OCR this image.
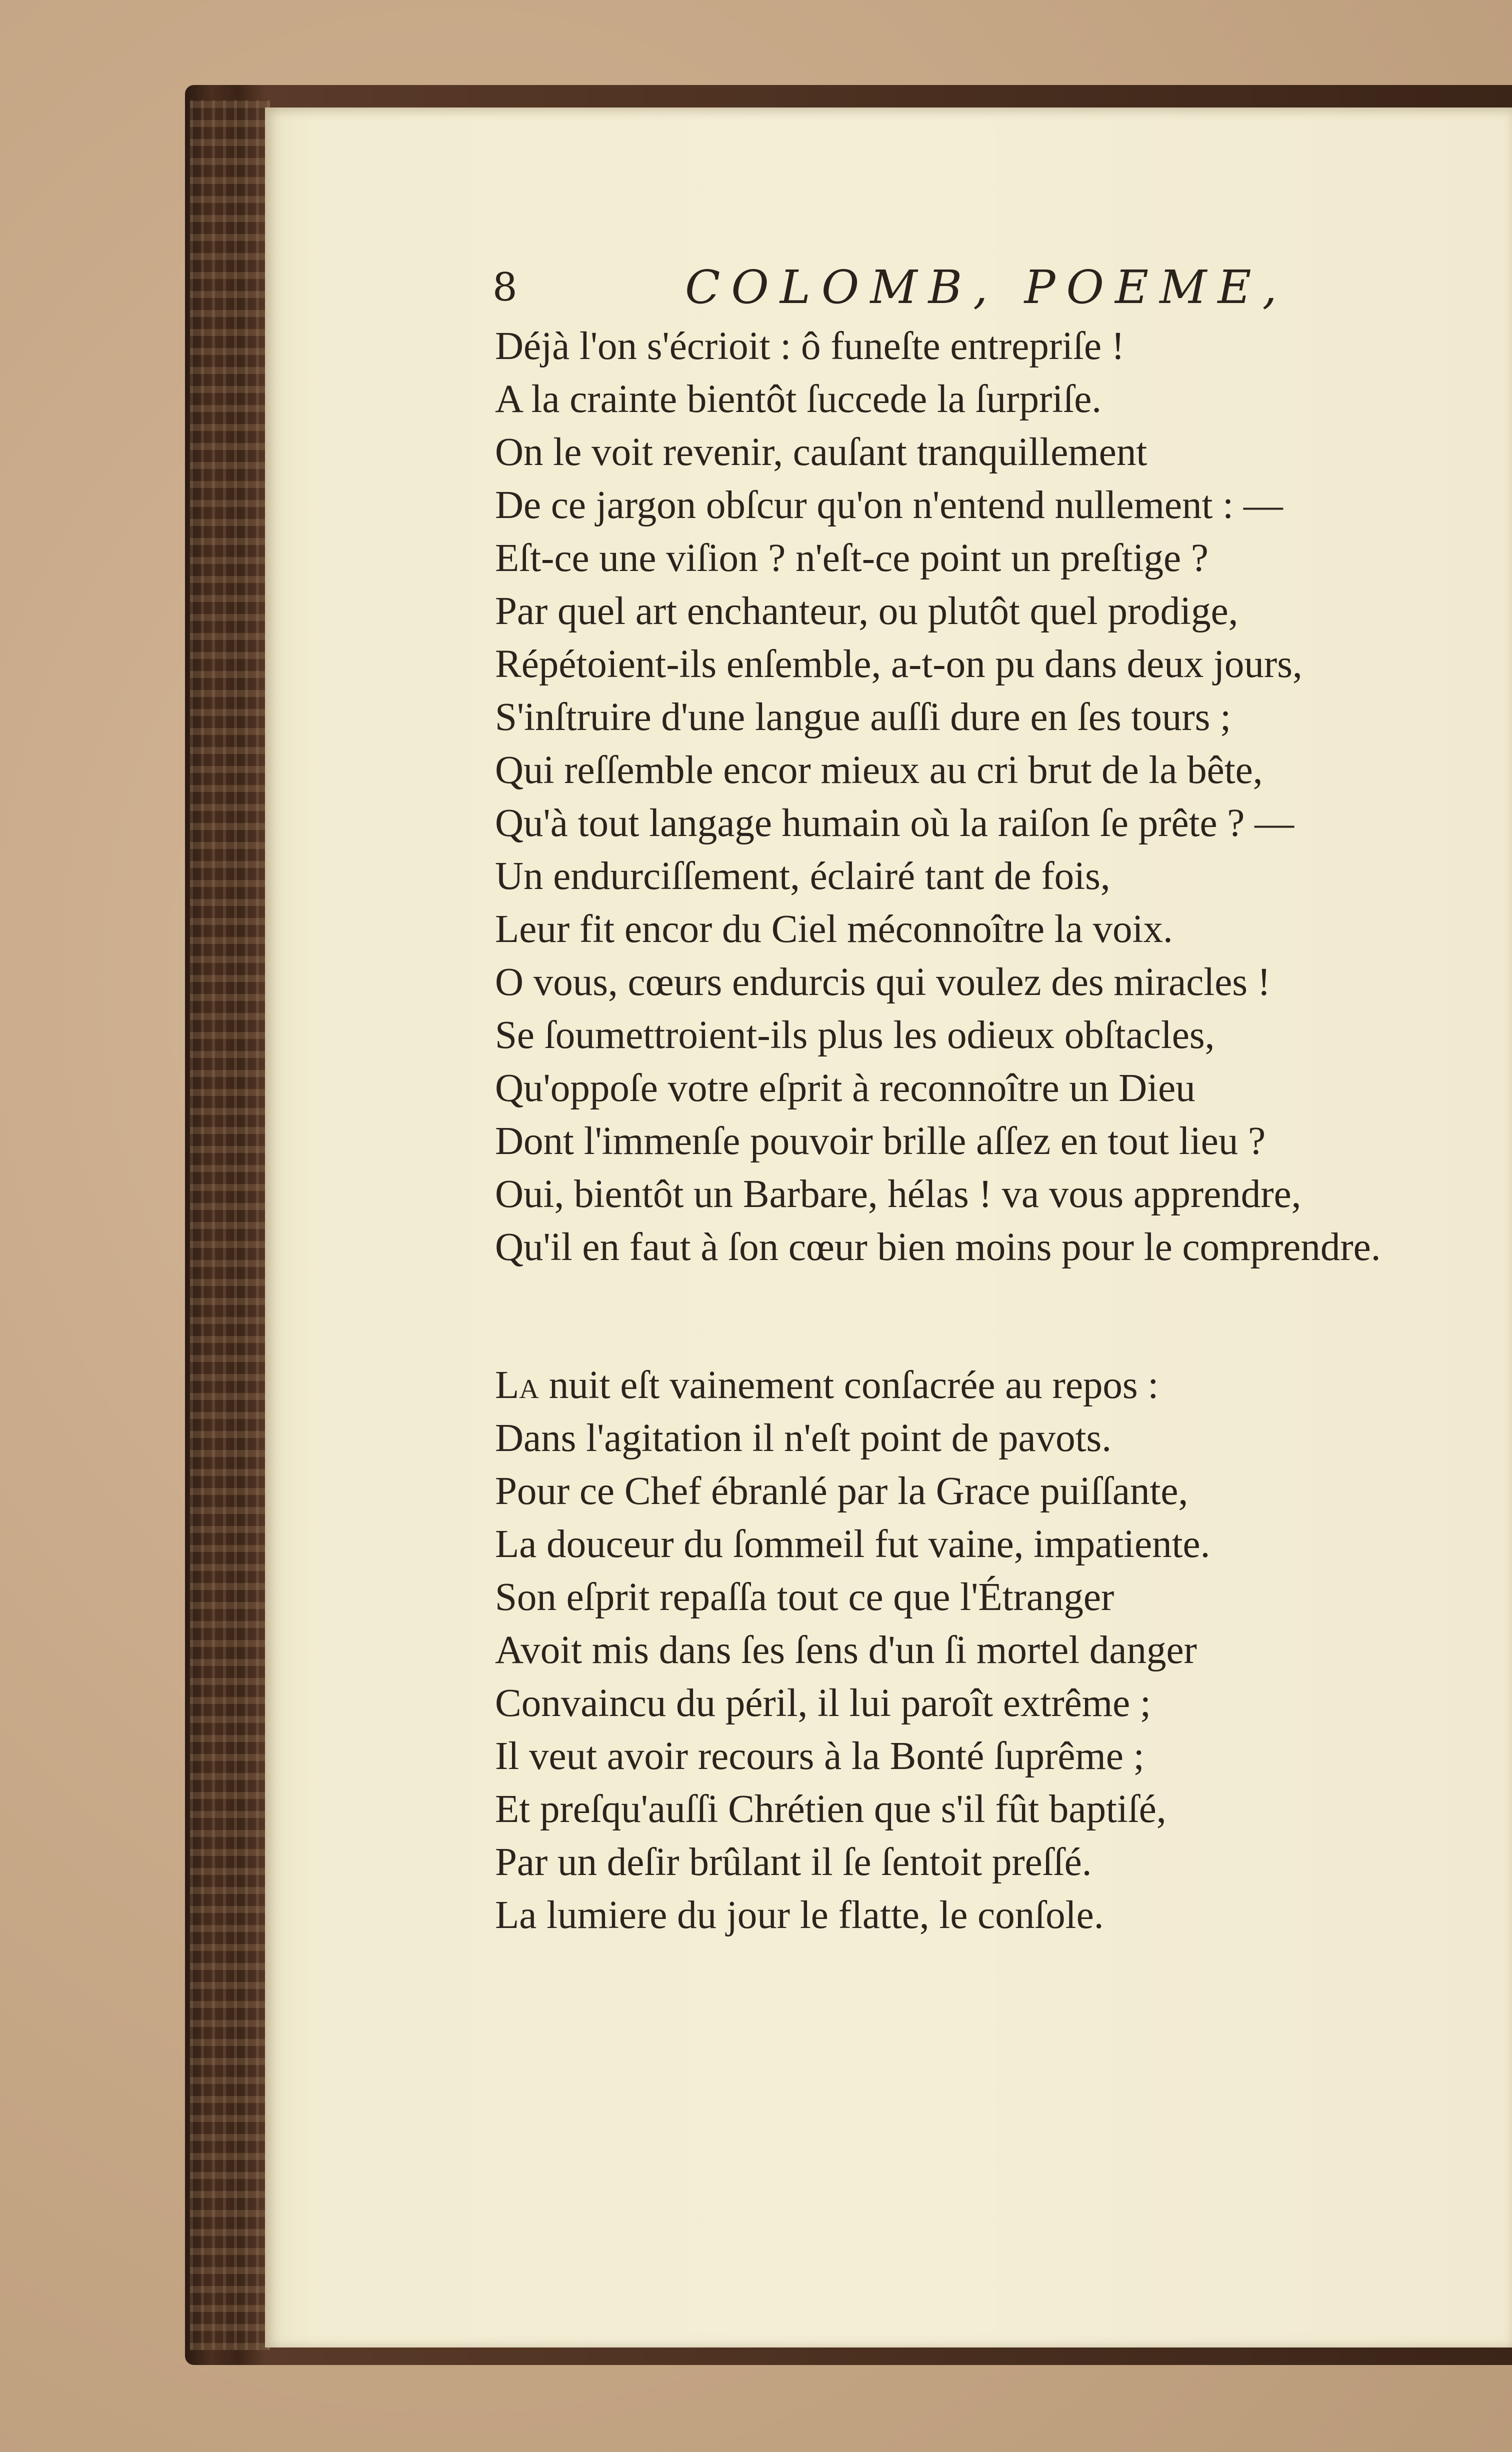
8	COLOMB, POEME,
Déjà l'on s'écrioit : ô funeſte entrepriſe !
A la crainte bientôt ſuccede la ſurpriſe.
On le voit revenir, cauſant tranquillement
De ce jargon obſcur qu'on n'entend nullement : —
Eſt-ce une viſion ? n'eſt-ce point un preſtige ?
Par quel art enchanteur, ou plutôt quel prodige,
Répétoient-ils enſemble, a-t-on pu dans deux jours,
S'inſtruire d'une langue auſſi dure en ſes tours ;
Qui reſſemble encor mieux au cri brut de la bête,
Qu'à tout langage humain où la raiſon ſe prête ? —
Un endurciſſement, éclairé tant de fois,
Leur fit encor du Ciel méconnoître la voix.
O vous, cœurs endurcis qui voulez des miracles !
Se ſoumettroient-ils plus les odieux obſtacles,
Qu'oppoſe votre eſprit à reconnoître un Dieu
Dont l'immenſe pouvoir brille aſſez en tout lieu ?
Oui, bientôt un Barbare, hélas ! va vous apprendre,
Qu'il en faut à ſon cœur bien moins pour le comprendre.
La nuit eſt vainement conſacrée au repos :
Dans l'agitation il n'eſt point de pavots.
Pour ce Chef ébranlé par la Grace puiſſante,
La douceur du ſommeil fut vaine, impatiente.
Son eſprit repaſſa tout ce que l'Étranger
Avoit mis dans ſes ſens d'un ſi mortel danger
Convaincu du péril, il lui paroît extrême ;
Il veut avoir recours à la Bonté ſuprême ;
Et preſqu'auſſi Chrétien que s'il fût baptiſé,
Par un deſir brûlant il ſe ſentoit preſſé.
La lumiere du jour le flatte, le conſole.
